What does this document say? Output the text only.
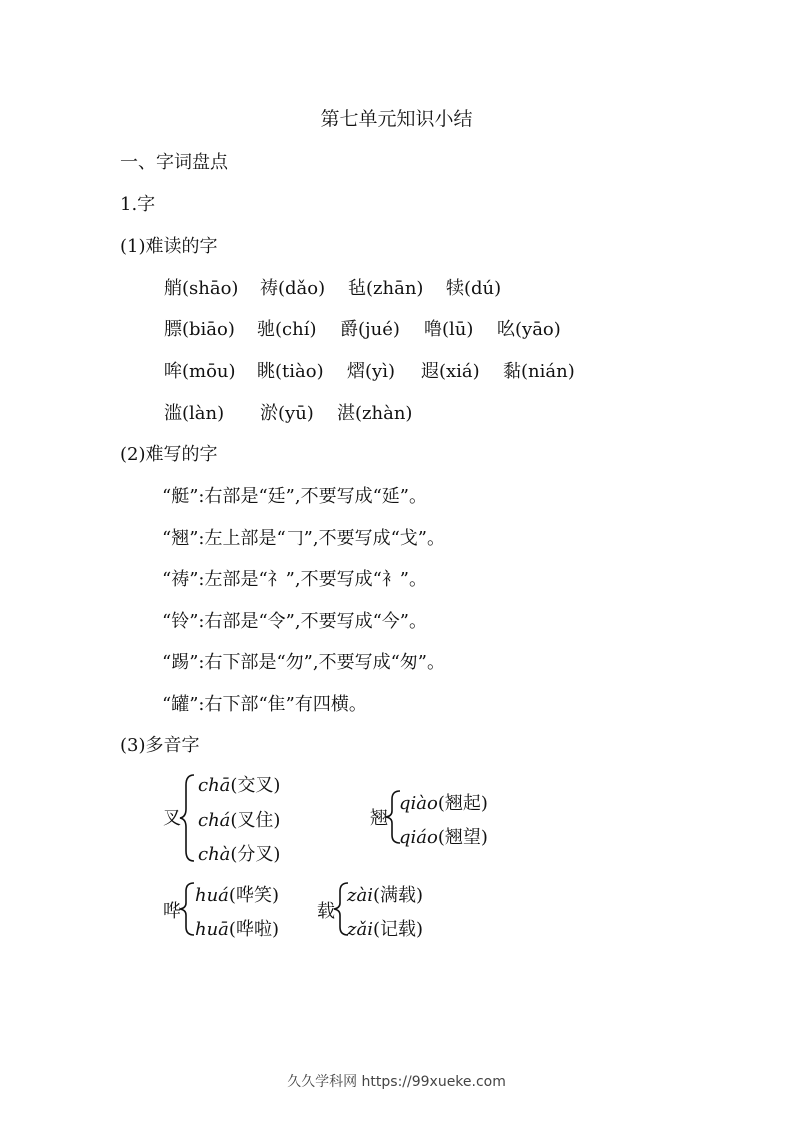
第七单元知识小结
一、字词盘点
1.字
(1)难读的字
艄(shāo) 祷(dǎo) 毡(zhān) 犊(dú)
膘(biāo) 驰(chí) 爵(jué) 噜(lū) 吆(yāo)
哞(mōu) 眺(tiào) 熠(yì) 遐(xiá) 黏(nián)
滥(làn) 淤(yū) 湛(zhàn)
(2)难写的字
“艇”:右部是“廷”,不要写成“延”。
“翘”:左上部是“𠃌”,不要写成“戈”。
“祷”:左部是“礻”,不要写成“衤”。
“铃”:右部是“令”,不要写成“今”。
“踢”:右下部是“勿”,不要写成“匆”。
“罐”:右下部“隹”有四横。
(3)多音字
叉
chā(交叉)
chá(叉住)
chà(分叉)
翘
qiào(翘起)
qiáo(翘望)
哗
huá(哗笑)
huā(哗啦)
载
zài(满载)
zǎi(记载)
久久学科网 https://99xueke.com
